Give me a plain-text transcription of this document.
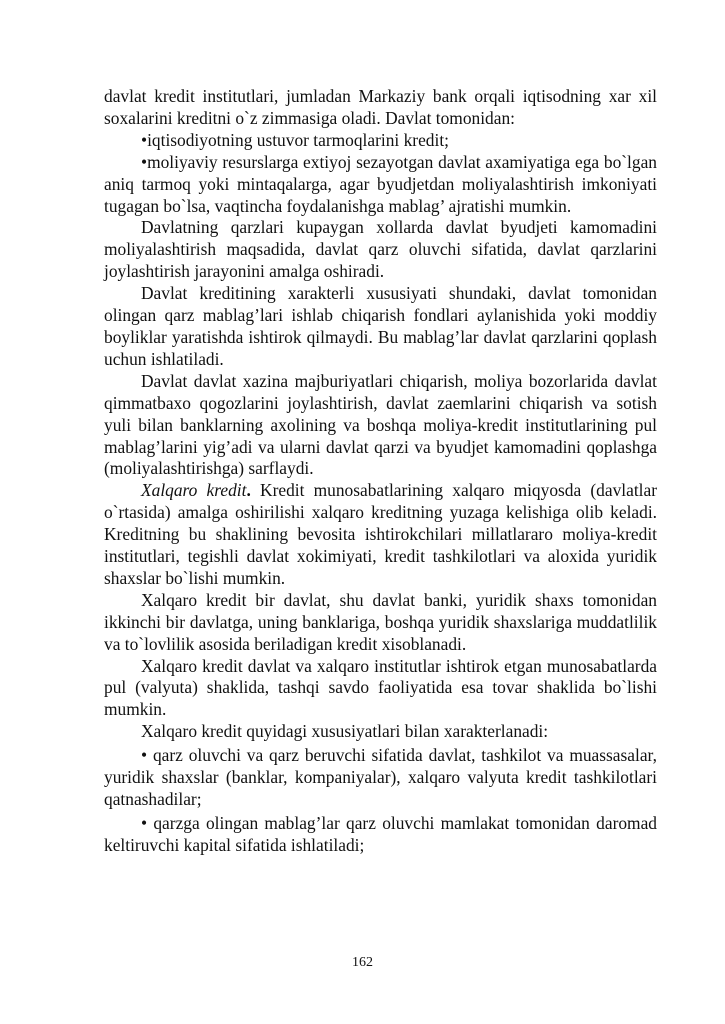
davlat kredit institutlari, jumladan Markaziy bank orqali iqtisodning xar xil soxalarini kreditni o`z zimmasiga oladi. Davlat tomonidan:

•iqtisodiyotning ustuvor tarmoqlarini kredit;

•moliyaviy resurslarga extiyoj sezayotgan davlat axamiyatiga ega bo`lgan aniq tarmoq yoki mintaqalarga, agar byudjetdan moliyalashtirish imkoniyati tugagan bo`lsa, vaqtincha foydalanishga mablag’ ajratishi mumkin.

Davlatning qarzlari kupaygan xollarda davlat byudjeti kamomadini moliyalashtirish maqsadida, davlat qarz oluvchi sifatida, davlat qarzlarini joylashtirish jarayonini amalga oshiradi.

Davlat kreditining xarakterli xususiyati shundaki, davlat tomonidan olingan qarz mablag’lari ishlab chiqarish fondlari aylanishida yoki moddiy boyliklar yaratishda ishtirok qilmaydi. Bu mablag’lar davlat qarzlarini qoplash uchun ishlatiladi.

Davlat davlat xazina majburiyatlari chiqarish, moliya bozorlarida davlat qimmatbaxo qogozlarini joylashtirish, davlat zaemlarini chiqarish va sotish yuli bilan banklarning axolining va boshqa moliya-kredit institutlarining pul mablag’larini yig’adi va ularni davlat qarzi va byudjet kamomadini qoplashga (moliyalashtirishga) sarflaydi.

Xalqaro kredit. Kredit munosabatlarining xalqaro miqyosda (davlatlar o`rtasida) amalga oshirilishi xalqaro kreditning yuzaga kelishiga olib keladi. Kreditning bu shaklining bevosita ishtirokchilari millatlararo moliya-kredit institutlari, tegishli davlat xokimiyati, kredit tashkilotlari va aloxida yuridik shaxslar bo`lishi mumkin.

Xalqaro kredit bir davlat, shu davlat banki, yuridik shaxs tomonidan ikkinchi bir davlatga, uning banklariga, boshqa yuridik shaxslariga muddatlilik va to`lovlilik asosida beriladigan kredit xisoblanadi.

Xalqaro kredit davlat va xalqaro institutlar ishtirok etgan munosabatlarda pul (valyuta) shaklida, tashqi savdo faoliyatida esa tovar shaklida bo`lishi mumkin.

Xalqaro kredit quyidagi xususiyatlari bilan xarakterlanadi:

• qarz oluvchi va qarz beruvchi sifatida davlat, tashkilot va muassasalar, yuridik shaxslar (banklar, kompaniyalar), xalqaro valyuta kredit tashkilotlari qatnashadilar;

• qarzga olingan mablag’lar qarz oluvchi mamlakat tomonidan daromad keltiruvchi kapital sifatida ishlatiladi;

162
